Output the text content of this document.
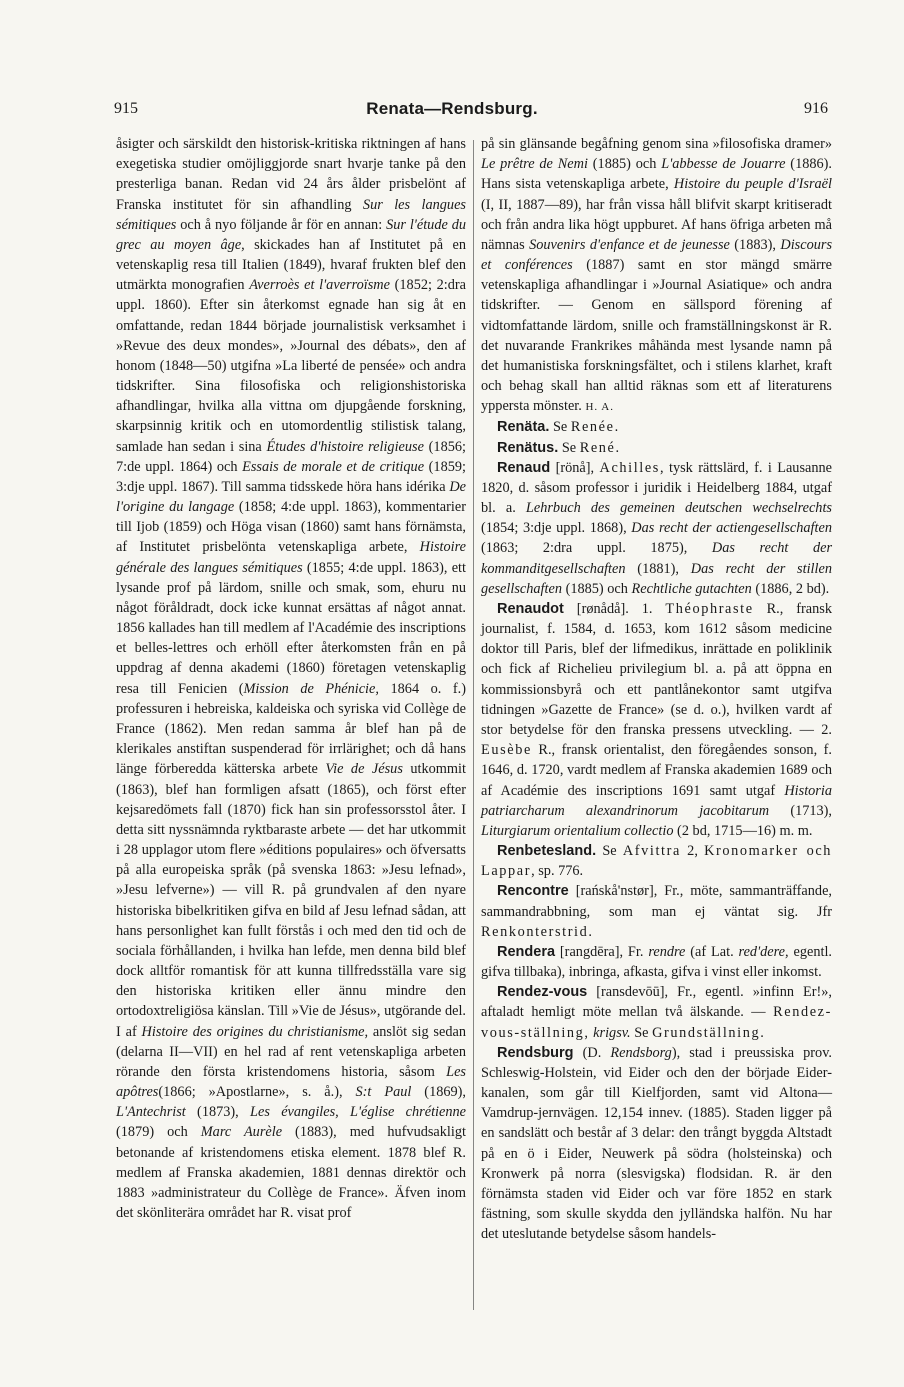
915	Renata—Rendsburg.	916

åsigter och särskildt den historisk-kritiska riktningen af hans exegetiska studier omöjliggjorde snart hvarje tanke på den presterliga banan. Redan vid 24 års ålder prisbelönt af Franska institutet för sin afhandling Sur les langues sémitiques och å nyo följande år för en annan: Sur l'étude du grec au moyen âge, skickades han af Institutet på en vetenskaplig resa till Italien (1849), hvaraf frukten blef den utmärkta monografien Averroès et l'averroïsme (1852; 2:dra uppl. 1860). Efter sin återkomst egnade han sig åt en omfattande, redan 1844 började journalistisk verksamhet i »Revue des deux mondes», »Journal des débats», den af honom (1848—50) utgifna »La liberté de pensée» och andra tidskrifter. Sina filosofiska och religionshistoriska afhandlingar, hvilka alla vittna om djupgående forskning, skarpsinnig kritik och en utomordentlig stilistisk talang, samlade han sedan i sina Études d'histoire religieuse (1856; 7:de uppl. 1864) och Essais de morale et de critique (1859; 3:dje uppl. 1867). Till samma tidsskede höra hans idérika De l'origine du langage (1858; 4:de uppl. 1863), kommentarier till Ijob (1859) och Höga visan (1860) samt hans förnämsta, af Institutet prisbelönta vetenskapliga arbete, Histoire générale des langues sémitiques (1855; 4:de uppl. 1863), ett lysande prof på lärdom, snille och smak, som, ehuru nu något föråldradt, dock icke kunnat ersättas af något annat. 1856 kallades han till medlem af l'Académie des inscriptions et belles-lettres och erhöll efter återkomsten från en på uppdrag af denna akademi (1860) företagen vetenskaplig resa till Fenicien (Mission de Phénicie, 1864 o. f.) professuren i hebreiska, kaldeiska och syriska vid Collège de France (1862). Men redan samma år blef han på de klerikales anstiftan suspenderad för irrlärighet; och då hans länge förberedda kätterska arbete Vie de Jésus utkommit (1863), blef han formligen afsatt (1865), och först efter kejsaredömets fall (1870) fick han sin professorsstol åter. I detta sitt nyssnämnda ryktbaraste arbete — det har utkommit i 28 upplagor utom flere »éditions populaires» och öfversatts på alla europeiska språk (på svenska 1863: »Jesu lefnad», »Jesu lefverne») — vill R. på grundvalen af den nyare historiska bibelkritiken gifva en bild af Jesu lefnad sådan, att hans personlighet kan fullt förstås i och med den tid och de sociala förhållanden, i hvilka han lefde, men denna bild blef dock alltför romantisk för att kunna tillfredsställa vare sig den historiska kritiken eller ännu mindre den ortodoxtreligiösa känslan. Till »Vie de Jésus», utgörande del. I af Histoire des origines du christianisme, anslöt sig sedan (delarna II—VII) en hel rad af rent vetenskapliga arbeten rörande den första kristendomens historia, såsom Les apôtres(1866; »Apostlarne», s. å.), S:t Paul (1869), L'Antechrist (1873), Les évangiles, L'église chrétienne (1879) och Marc Aurèle (1883), med hufvudsakligt betonande af kristendomens etiska element. 1878 blef R. medlem af Franska akademien, 1881 dennas direktör och 1883 »administrateur du Collège de France». Äfven inom det skönliterära området har R. visat prof

på sin glänsande begåfning genom sina »filosofiska dramer» Le prêtre de Nemi (1885) och L'abbesse de Jouarre (1886). Hans sista vetenskapliga arbete, Histoire du peuple d'Israël (I, II, 1887—89), har från vissa håll blifvit skarpt kritiseradt och från andra lika högt uppburet. Af hans öfriga arbeten må nämnas Souvenirs d'enfance et de jeunesse (1883), Discours et conférences (1887) samt en stor mängd smärre vetenskapliga afhandlingar i »Journal Asiatique» och andra tidskrifter. — Genom en sällspord förening af vidtomfattande lärdom, snille och framställningskonst är R. det nuvarande Frankrikes måhända mest lysande namn på det humanistiska forskningsfältet, och i stilens klarhet, kraft och behag skall han alltid räknas som ett af literaturens yppersta mönster. H. A.

Renäta. Se Renée.

Renätus. Se René.

Renaud [rönå], Achilles, tysk rättslärd, f. i Lausanne 1820, d. såsom professor i juridik i Heidelberg 1884, utgaf bl. a. Lehrbuch des gemeinen deutschen wechselrechts (1854; 3:dje uppl. 1868), Das recht der actiengesellschaften (1863; 2:dra uppl. 1875), Das recht der kommanditgesellschaften (1881), Das recht der stillen gesellschaften (1885) och Rechtliche gutachten (1886, 2 bd).

Renaudot [rønådå]. 1. Théophraste R., fransk journalist, f. 1584, d. 1653, kom 1612 såsom medicine doktor till Paris, blef der lifmedikus, inrättade en poliklinik och fick af Richelieu privilegium bl. a. på att öppna en kommissionsbyrå och ett pantlånekontor samt utgifva tidningen »Gazette de France» (se d. o.), hvilken vardt af stor betydelse för den franska pressens utveckling. — 2. Eusèbe R., fransk orientalist, den föregåendes sonson, f. 1646, d. 1720, vardt medlem af Franska akademien 1689 och af Académie des inscriptions 1691 samt utgaf Historia patriarcharum alexandrinorum jacobitarum (1713), Liturgiarum orientalium collectio (2 bd, 1715—16) m. m.

Renbetesland. Se Afvittra 2, Kronomarker och Lappar, sp. 776.

Rencontre [rańskå'nstør], Fr., möte, sammanträffande, sammandrabbning, som man ej väntat sig. Jfr Renkonterstrid.

Rendera [rangdēra], Fr. rendre (af Lat. red'dere, egentl. gifva tillbaka), inbringa, afkasta, gifva i vinst eller inkomst.

Rendez-vous [ransdevōū], Fr., egentl. »infinn Er!», aftaladt hemligt möte mellan två älskande. — Rendez-vous-ställning, krigsv. Se Grundställning.

Rendsburg (D. Rendsborg), stad i preussiska prov. Schleswig-Holstein, vid Eider och den der började Eider-kanalen, som går till Kielfjorden, samt vid Altona—Vamdrup-jernvägen. 12,154 innev. (1885). Staden ligger på en sandslätt och består af 3 delar: den trångt byggda Altstadt på en ö i Eider, Neuwerk på södra (holsteinska) och Kronwerk på norra (slesvigska) flodsidan. R. är den förnämsta staden vid Eider och var före 1852 en stark fästning, som skulle skydda den jylländska halfön. Nu har det uteslutande betydelse såsom handels-
